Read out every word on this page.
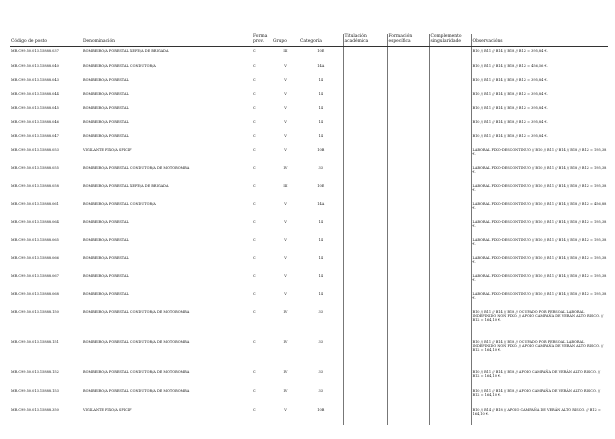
Código de posto	Denominación	Forma prov.	Grupo	Categoría	Titulación académica	Formación específica	Complemento singularidade	Observacións
MR.C99.50.013.15888.037	BOMBEIRO/A FORESTAL XEFE/A DE BRIGADA	C	III	10E				B10 // B11 // B14 // B18 // B12 = 395,84 €.
MR.C99.50.013.15888.040	BOMBEIRO/A FORESTAL CONDUTOR/A	C	V	14A				B10 // B11 // B14 // B18 // B12 = 456,56 €.
MR.C99.50.013.15888.043	BOMBEIRO/A FORESTAL	C	V	14				B10 // B11 // B14 // B18 // B12 = 395,84 €.
MR.C99.50.013.15888.044	BOMBEIRO/A FORESTAL	C	V	14				B10 // B11 // B14 // B18 // B12 = 395,84 €.
MR.C99.50.013.15888.045	BOMBEIRO/A FORESTAL	C	V	14				B10 // B11 // B14 // B18 // B12 = 395,84 €.
MR.C99.50.013.15888.046	BOMBEIRO/A FORESTAL	C	V	14				B10 // B11 // B14 // B18 // B12 = 395,84 €.
MR.C99.50.013.15888.047	BOMBEIRO/A FORESTAL	C	V	14				B10 // B11 // B14 // B18 // B12 = 395,84 €.
MR.C99.50.013.15888.053	VIGILANTE FIXO/A SPICIF	C	V	10B				LABORAL FIXO-DESCONTINUO // B10 // B11 // B14 // B18 // B12 = 195,38 €.
MR.C99.50.013.15888.055	BOMBEIRO/A FORESTAL CONDUTOR/A DE MOTOBOMBA	C	IV	33				LABORAL FIXO-DESCONTINUO // B10 // B11 // B14 // B18 // B12 = 195,38 €.
MR.C99.50.013.15888.058	BOMBEIRO/A FORESTAL XEFE/A DE BRIGADA	C	III	10E				LABORAL FIXO-DESCONTINUO // B10 // B11 // B14 // B18 // B12 = 195,38 €.
MR.C99.50.013.15888.061	BOMBEIRO/A FORESTAL CONDUTOR/A	C	V	14A				LABORAL FIXO-DESCONTINUO // B10 // B11 // B14 // B18 // B12 = 456,88 €.
MR.C99.50.013.15888.064	BOMBEIRO/A FORESTAL	C	V	14				LABORAL FIXO-DESCONTINUO // B10 // B11 // B14 // B18 // B12 = 195,38 €.
MR.C99.50.013.15888.065	BOMBEIRO/A FORESTAL	C	V	14				LABORAL FIXO-DESCONTINUO // B10 // B11 // B14 // B18 // B12 = 195,38 €.
MR.C99.50.013.15888.066	BOMBEIRO/A FORESTAL	C	V	14				LABORAL FIXO-DESCONTINUO // B10 // B11 // B14 // B18 // B12 = 195,38 €.
MR.C99.50.013.15888.067	BOMBEIRO/A FORESTAL	C	V	14				LABORAL FIXO-DESCONTINUO // B10 // B11 // B14 // B18 // B12 = 195,38 €.
MR.C99.50.013.15888.068	BOMBEIRO/A FORESTAL	C	V	14				LABORAL FIXO-DESCONTINUO // B10 // B11 // B14 // B18 // B12 = 195,38 €.
MR.C99.50.013.15888.150	BOMBEIRO/A FORESTAL CONDUTOR/A DE MOTOBOMBA	C	IV	33				B10 // B11 // B14 // B18 // OCUPADO POR PERSOAL LABORAL INDEFINIDO NON FIXO. // APOIO CAMPAÑA DE VERÁN ALTO RISCO. // B12 = 164,10 €.
MR.C99.50.013.15888.151	BOMBEIRO/A FORESTAL CONDUTOR/A DE MOTOBOMBA	C	IV	33				B10 // B11 // B14 // B18 // OCUPADO POR PERSOAL LABORAL INDEFINIDO NON FIXO. // APOIO CAMPAÑA DE VERÁN ALTO RISCO. // B12 = 164,10 €.
MR.C99.50.013.15888.152	BOMBEIRO/A FORESTAL CONDUTOR/A DE MOTOBOMBA	C	IV	33				B10 // B11 // B14 // B18 // APOIO CAMPAÑA DE VERÁN ALTO RISCO. // B12 = 164,10 €.
MR.C99.50.013.15888.153	BOMBEIRO/A FORESTAL CONDUTOR/A DE MOTOBOMBA	C	IV	33				B10 // B11 // B14 // B18 // APOIO CAMPAÑA DE VERÁN ALTO RISCO. // B12 = 164,10 €.
MR.C99.50.013.15888.350	VIGILANTE FIXO/A SPICIF	C	V	10B				B10 // B14 // B18 // APOIO CAMPAÑA DE VERÁN ALTO RISCO. // B12 = 164,10 €.
